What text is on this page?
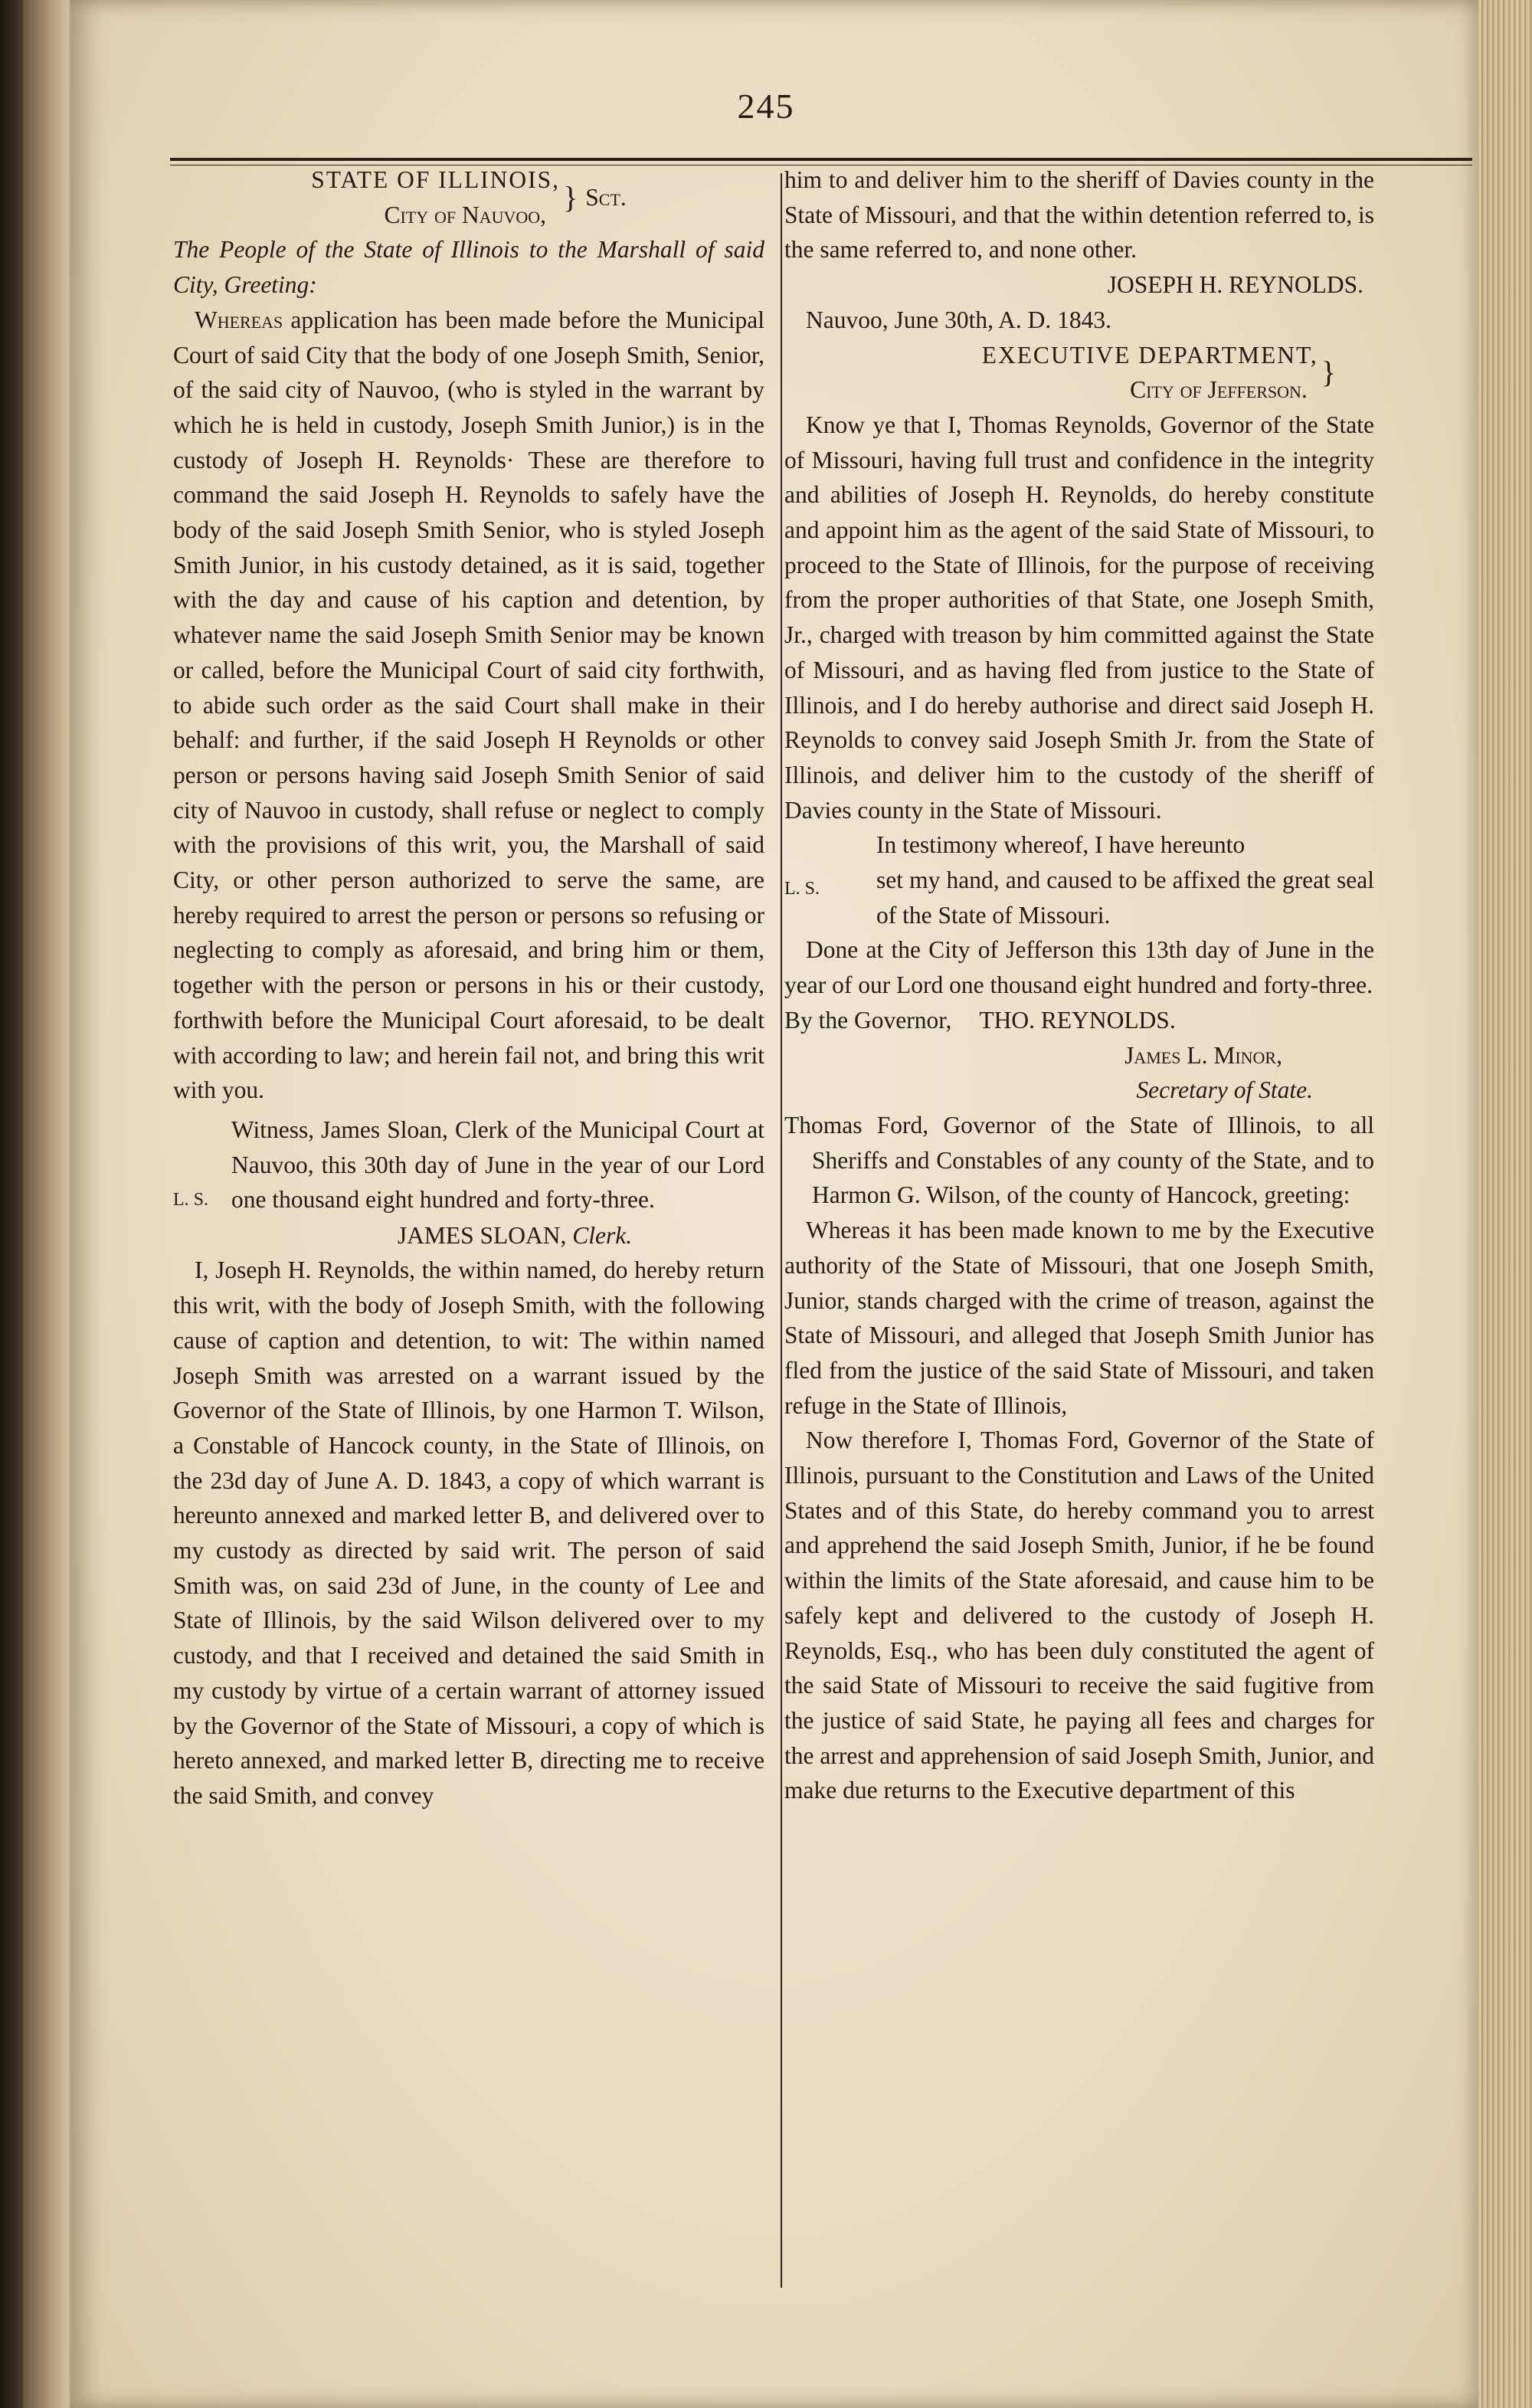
245
STATE OF ILLINOIS,
City of Nauvoo,
} Sct.

The People of the State of Illinois to the Marshall of said City, Greeting:

Whereas application has been made before the Municipal Court of said City that the body of one Joseph Smith, Senior, of the said city of Nauvoo, (who is styled in the warrant by which he is held in custody, Joseph Smith Junior,) is in the custody of Joseph H. Reynolds· These are therefore to command the said Joseph H. Reynolds to safely have the body of the said Joseph Smith Senior, who is styled Joseph Smith Junior, in his custody detained, as it is said, together with the day and cause of his caption and detention, by whatever name the said Joseph Smith Senior may be known or called, before the Municipal Court of said city forthwith, to abide such order as the said Court shall make in their behalf: and further, if the said Joseph H Reynolds or other person or persons having said Joseph Smith Senior of said city of Nauvoo in custody, shall refuse or neglect to comply with the provisions of this writ, you, the Marshall of said City, or other person authorized to serve the same, are hereby required to arrest the person or persons so refusing or neglecting to comply as aforesaid, and bring him or them, together with the person or persons in his or their custody, forthwith before the Municipal Court aforesaid, to be dealt with according to law; and herein fail not, and bring this writ with you.

L. S.
Witness, James Sloan, Clerk of the Municipal Court at Nauvoo, this 30th day of June in the year of our Lord one thousand eight hundred and forty-three.

JAMES SLOAN, Clerk.

I, Joseph H. Reynolds, the within named, do hereby return this writ, with the body of Joseph Smith, with the following cause of caption and detention, to wit: The within named Joseph Smith was arrested on a warrant issued by the Governor of the State of Illinois, by one Harmon T. Wilson, a Constable of Hancock county, in the State of Illinois, on the 23d day of June A. D. 1843, a copy of which warrant is hereunto annexed and marked letter B, and delivered over to my custody as directed by said writ. The person of said Smith was, on said 23d of June, in the county of Lee and State of Illinois, by the said Wilson delivered over to my custody, and that I received and detained the said Smith in my custody by virtue of a certain warrant of attorney issued by the Governor of the State of Missouri, a copy of which is hereto annexed, and marked letter B, directing me to receive the said Smith, and convey

him to and deliver him to the sheriff of Davies county in the State of Missouri, and that the within detention referred to, is the same referred to, and none other.

JOSEPH H. REYNOLDS.

Nauvoo, June 30th, A. D. 1843.

EXECUTIVE DEPARTMENT,
City of Jefferson.
}

Know ye that I, Thomas Reynolds, Governor of the State of Missouri, having full trust and confidence in the integrity and abilities of Joseph H. Reynolds, do hereby constitute and appoint him as the agent of the said State of Missouri, to proceed to the State of Illinois, for the purpose of receiving from the proper authorities of that State, one Joseph Smith, Jr., charged with treason by him committed against the State of Missouri, and as having fled from justice to the State of Illinois, and I do hereby authorise and direct said Joseph H. Reynolds to convey said Joseph Smith Jr. from the State of Illinois, and deliver him to the custody of the sheriff of Davies county in the State of Missouri.

In testimony whereof, I have hereunto

L. S.	set my hand, and caused to be affixed the great seal of the State of Missouri.

Done at the City of Jefferson this 13th day of June in the year of our Lord one thousand eight hundred and forty-three.

By the Governor, THO. REYNOLDS.

James L. Minor,

Secretary of State.

Thomas Ford, Governor of the State of Illinois, to all Sheriffs and Constables of any county of the State, and to Harmon G. Wilson, of the county of Hancock, greeting:

Whereas it has been made known to me by the Executive authority of the State of Missouri, that one Joseph Smith, Junior, stands charged with the crime of treason, against the State of Missouri, and alleged that Joseph Smith Junior has fled from the justice of the said State of Missouri, and taken refuge in the State of Illinois,

Now therefore I, Thomas Ford, Governor of the State of Illinois, pursuant to the Constitution and Laws of the United States and of this State, do hereby command you to arrest and apprehend the said Joseph Smith, Junior, if he be found within the limits of the State aforesaid, and cause him to be safely kept and delivered to the custody of Joseph H. Reynolds, Esq., who has been duly constituted the agent of the said State of Missouri to receive the said fugitive from the justice of said State, he paying all fees and charges for the arrest and apprehension of said Joseph Smith, Junior, and make due returns to the Executive department of this
